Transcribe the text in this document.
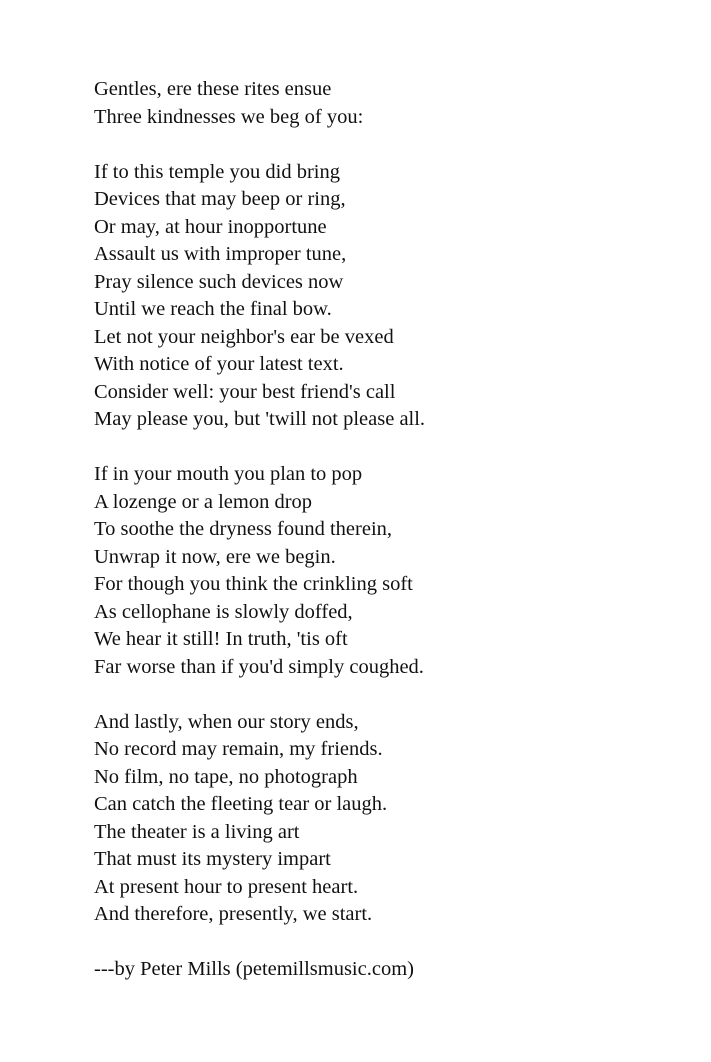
Gentles, ere these rites ensue
Three kindnesses we beg of you:
If to this temple you did bring
Devices that may beep or ring,
Or may, at hour inopportune
Assault us with improper tune,
Pray silence such devices now
Until we reach the final bow.
Let not your neighbor's ear be vexed
With notice of your latest text.
Consider well: your best friend's call
May please you, but 'twill not please all.
If in your mouth you plan to pop
A lozenge or a lemon drop
To soothe the dryness found therein,
Unwrap it now, ere we begin.
For though you think the crinkling soft
As cellophane is slowly doffed,
We hear it still! In truth, 'tis oft
Far worse than if you'd simply coughed.
And lastly, when our story ends,
No record may remain, my friends.
No film, no tape, no photograph
Can catch the fleeting tear or laugh.
The theater is a living art
That must its mystery impart
At present hour to present heart.
And therefore, presently, we start.
---by Peter Mills (petemillsmusic.com)
